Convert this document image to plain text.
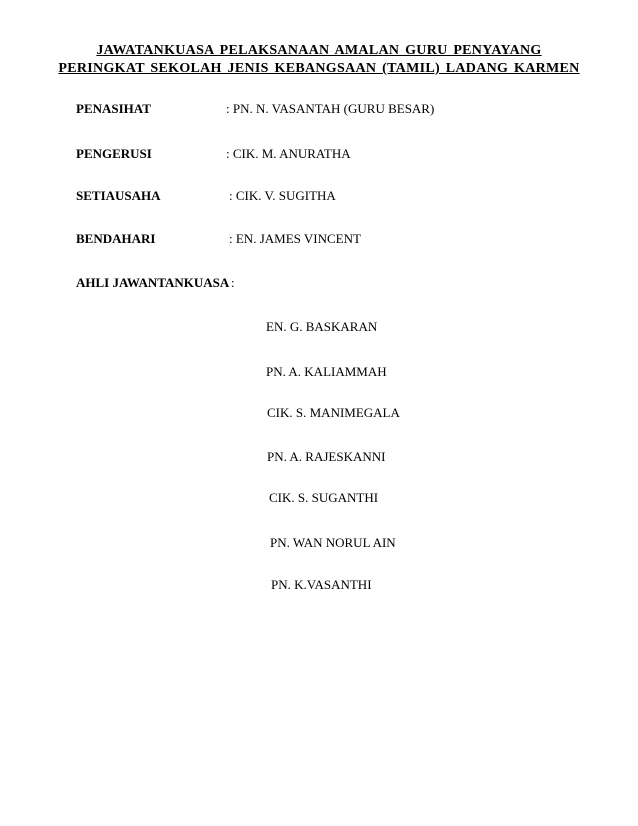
JAWATANKUASA PELAKSANAAN AMALAN GURU PENYAYANG
PERINGKAT SEKOLAH JENIS KEBANGSAAN (TAMIL) LADANG KARMEN
PENASIHAT	: PN. N. VASANTAH (GURU BESAR)
PENGERUSI	: CIK. M. ANURATHA
SETIAUSAHA	: CIK. V. SUGITHA
BENDAHARI	: EN. JAMES VINCENT
AHLI JAWANTANKUASA :
EN. G. BASKARAN
PN. A. KALIAMMAH
CIK. S. MANIMEGALA
PN. A. RAJESKANNI
CIK. S. SUGANTHI
PN. WAN NORUL AIN
PN. K.VASANTHI
